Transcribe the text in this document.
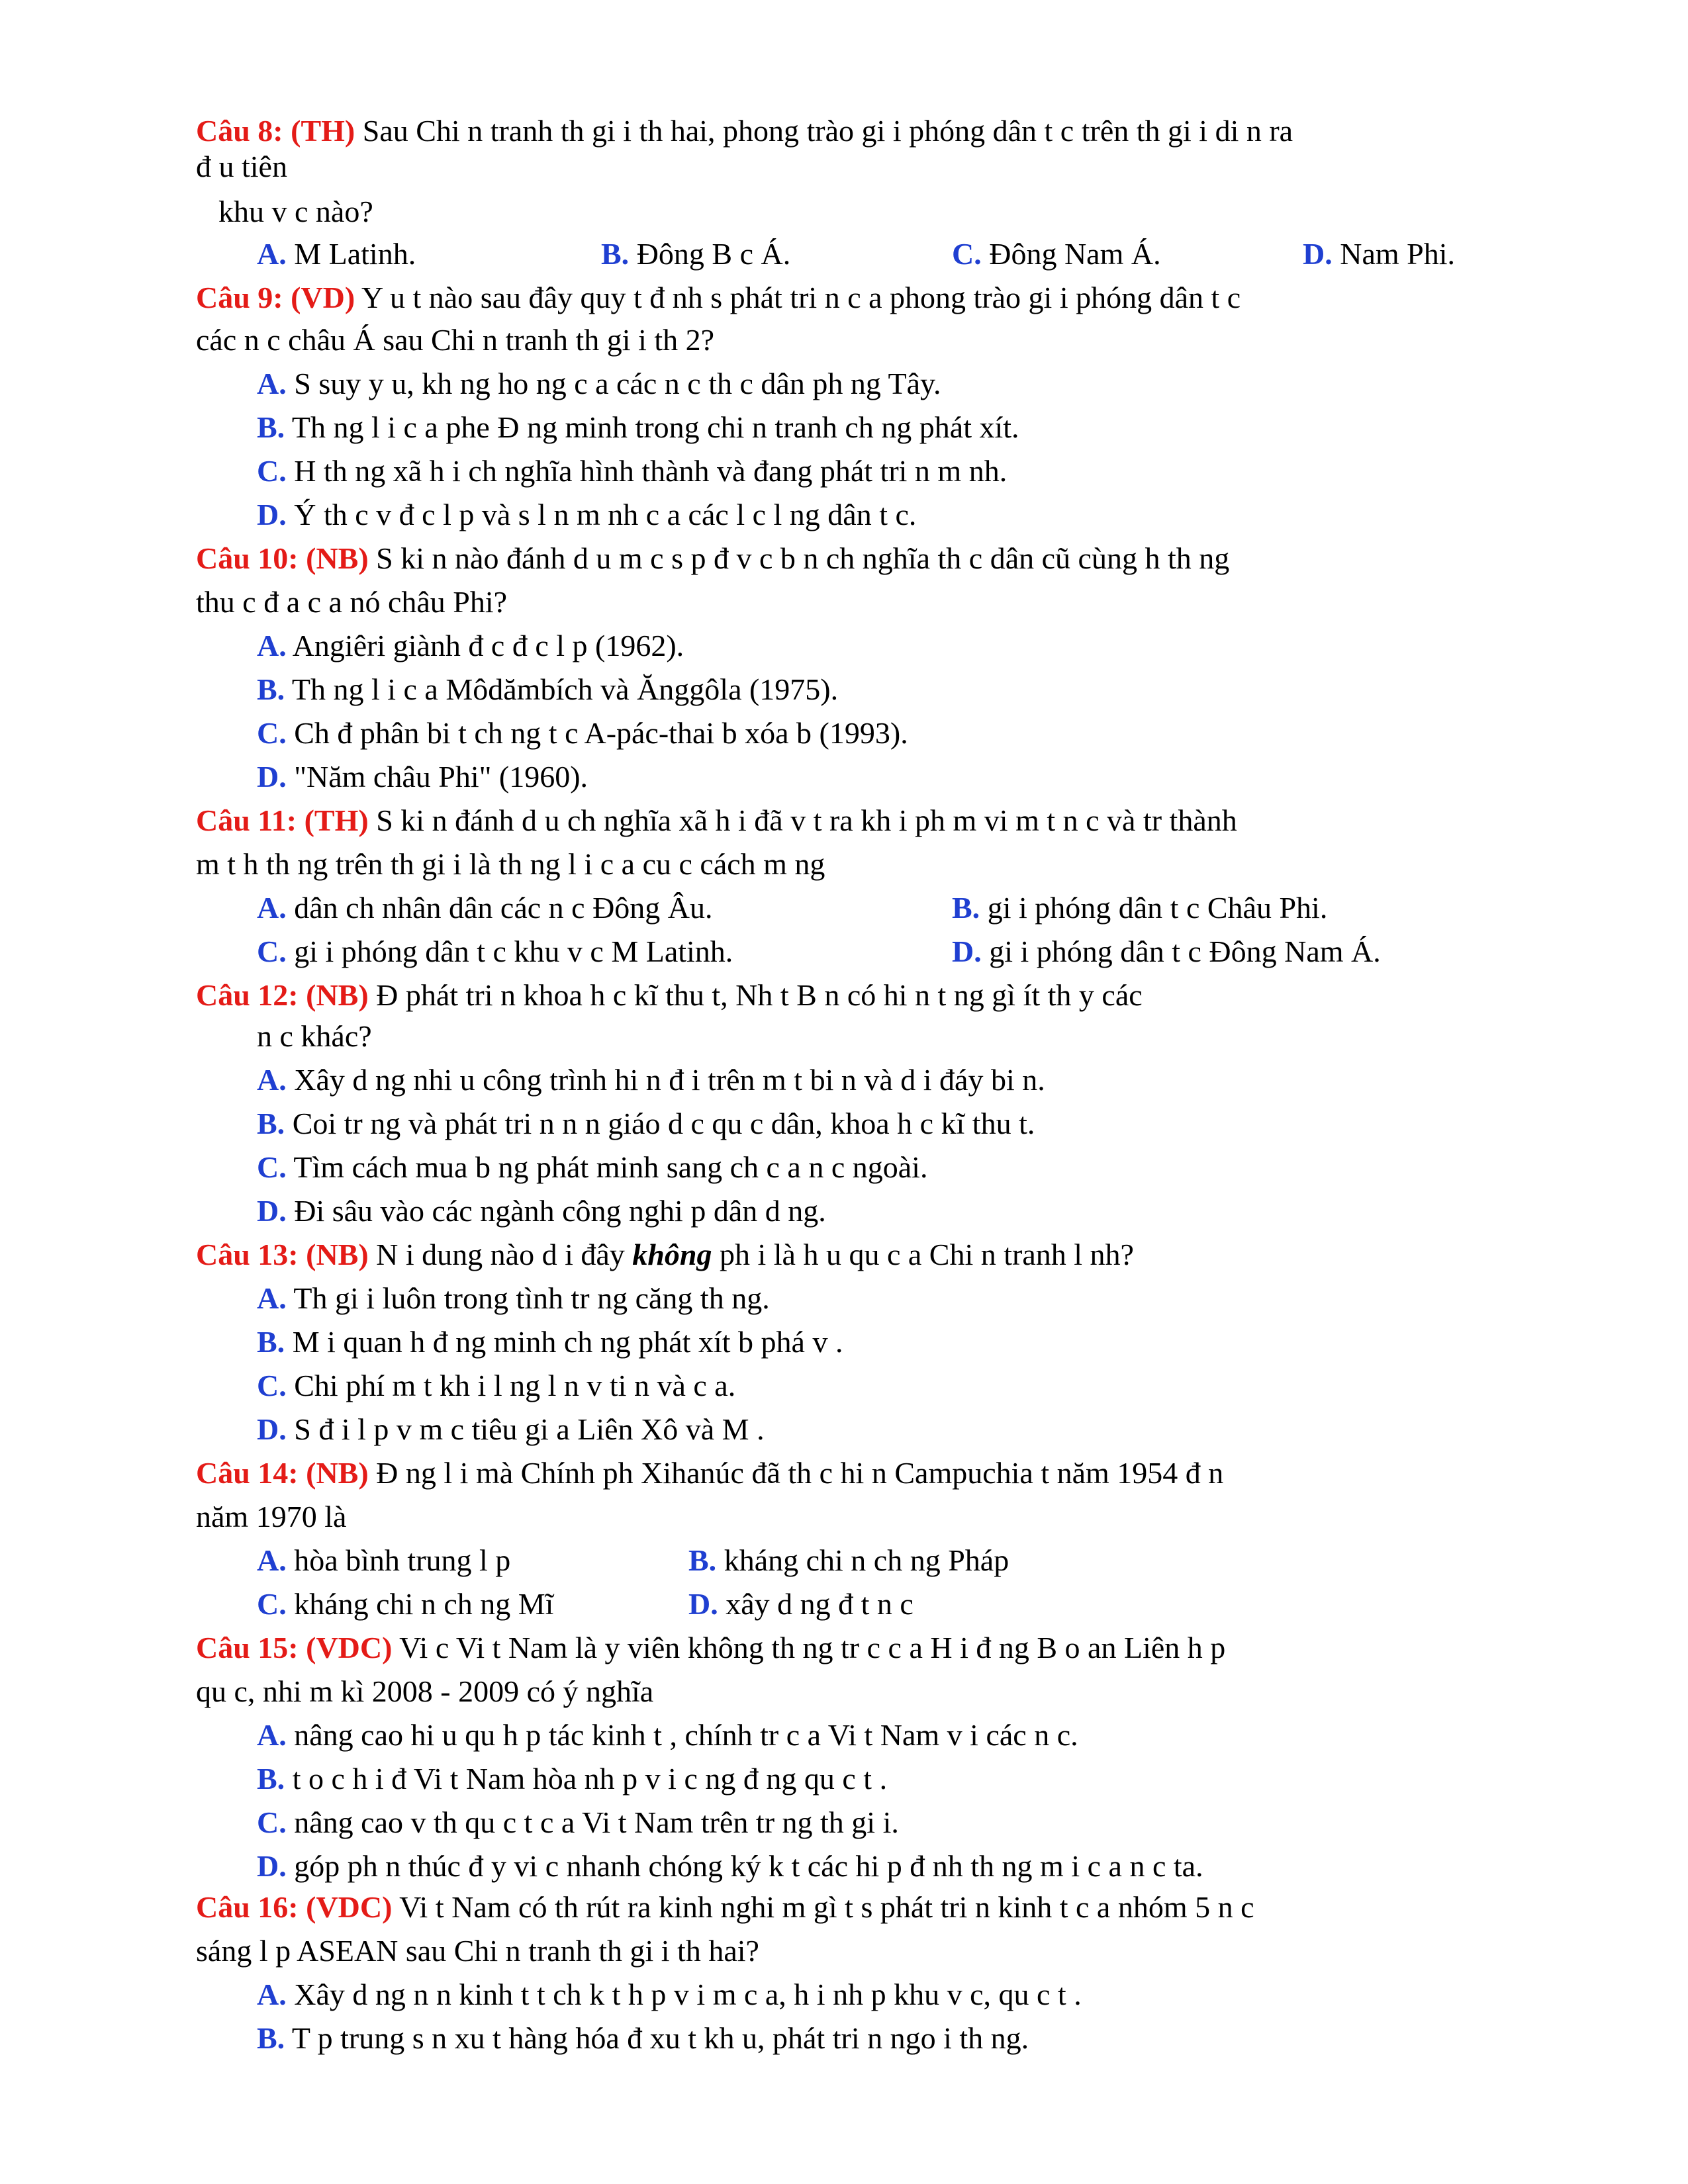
Câu 8: (TH) Sau Chi n tranh th gi i th hai, phong trào gi i phóng dân t c trên th gi i di n ra
đ u tiên
khu v c nào?
A. M Latinh.	B. Đông B c Á.	C. Đông Nam Á.	D. Nam Phi.
Câu 9: (VD) Y u t nào sau đây quy t đ nh s phát tri n c a phong trào gi i phóng dân t c
các n c châu Á sau Chi n tranh th gi i th 2?
A. S suy y u, kh ng ho ng c a các n c th c dân ph ng Tây.
B. Th ng l i c a phe Đ ng minh trong chi n tranh ch ng phát xít.
C. H th ng xã h i ch nghĩa hình thành và đang phát tri n m nh.
D. Ý th c v đ c l p và s l n m nh c a các l c l ng dân t c.
Câu 10: (NB) S ki n nào đánh d u m c s p đ v c b n ch nghĩa th c dân cũ cùng h th ng
thu c đ a c a nó châu Phi?
A. Angiêri giành đ c đ c l p (1962).
B. Th ng l i c a Môdămbích và Ănggôla (1975).
C. Ch đ phân bi t ch ng t c A-pác-thai b xóa b (1993).
D. "Năm châu Phi" (1960).
Câu 11: (TH) S ki n đánh d u ch nghĩa xã h i đã v t ra kh i ph m vi m t n c và tr thành
m t h th ng trên th gi i là th ng l i c a cu c cách m ng
A. dân ch nhân dân các n c Đông Âu.	B. gi i phóng dân t c Châu Phi.
C. gi i phóng dân t c khu v c M Latinh.	D. gi i phóng dân t c Đông Nam Á.
Câu 12: (NB) Đ phát tri n khoa h c kĩ thu t, Nh t B n có hi n t ng gì ít th y các
n c khác?
A. Xây d ng nhi u công trình hi n đ i trên m t bi n và d i đáy bi n.
B. Coi tr ng và phát tri n n n giáo d c qu c dân, khoa h c kĩ thu t.
C. Tìm cách mua b ng phát minh sang ch c a n c ngoài.
D. Đi sâu vào các ngành công nghi p dân d ng.
Câu 13: (NB) N i dung nào d i đây không ph i là h u qu c a Chi n tranh l nh?
A. Th gi i luôn trong tình tr ng căng th ng.
B. M i quan h đ ng minh ch ng phát xít b phá v .
C. Chi phí m t kh i l ng l n v ti n và c a.
D. S đ i l p v m c tiêu gi a Liên Xô và M .
Câu 14: (NB) Đ ng l i mà Chính ph Xihanúc đã th c hi n Campuchia t năm 1954 đ n
năm 1970 là
A. hòa bình trung l p	B. kháng chi n ch ng Pháp
C. kháng chi n ch ng Mĩ	D. xây d ng đ t n c
Câu 15: (VDC) Vi c Vi t Nam là y viên không th ng tr c c a H i đ ng B o an Liên h p
qu c, nhi m kì 2008 - 2009 có ý nghĩa
A. nâng cao hi u qu h p tác kinh t , chính tr c a Vi t Nam v i các n c.
B. t o c h i đ Vi t Nam hòa nh p v i c ng đ ng qu c t .
C. nâng cao v th qu c t c a Vi t Nam trên tr ng th gi i.
D. góp ph n thúc đ y vi c nhanh chóng ký k t các hi p đ nh th ng m i c a n c ta.
Câu 16: (VDC) Vi t Nam có th rút ra kinh nghi m gì t s phát tri n kinh t c a nhóm 5 n c
sáng l p ASEAN sau Chi n tranh th gi i th hai?
A. Xây d ng n n kinh t t ch k t h p v i m c a, h i nh p khu v c, qu c t .
B. T p trung s n xu t hàng hóa đ xu t kh u, phát tri n ngo i th ng.
